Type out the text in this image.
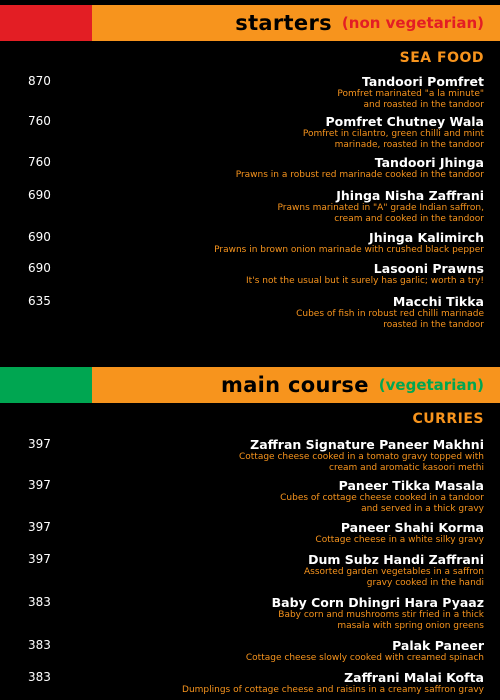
starters (non vegetarian)
SEA FOOD
870	Tandoori Pomfret
Pomfret marinated "a la minute"
and roasted in the tandoor
760	Pomfret Chutney Wala
Pomfret in cilantro, green chilli and mint
marinade, roasted in the tandoor
760	Tandoori Jhinga
Prawns in a robust red marinade cooked in the tandoor
690	Jhinga Nisha Zaffrani
Prawns marinated in "A" grade Indian saffron,
cream and cooked in the tandoor
690	Jhinga Kalimirch
Prawns in brown onion marinade with crushed black pepper
690	Lasooni Prawns
It's not the usual but it surely has garlic; worth a try!
635	Macchi Tikka
Cubes of fish in robust red chilli marinade
roasted in the tandoor
main course (vegetarian)
CURRIES
397	Zaffran Signature Paneer Makhni
Cottage cheese cooked in a tomato gravy topped with
cream and aromatic kasoori methi
397	Paneer Tikka Masala
Cubes of cottage cheese cooked in a tandoor
and served in a thick gravy
397	Paneer Shahi Korma
Cottage cheese in a white silky gravy
397	Dum Subz Handi Zaffrani
Assorted garden vegetables in a saffron
gravy cooked in the handi
383	Baby Corn Dhingri Hara Pyaaz
Baby corn and mushrooms stir fried in a thick
masala with spring onion greens
383	Palak Paneer
Cottage cheese slowly cooked with creamed spinach
383	Zaffrani Malai Kofta
Dumplings of cottage cheese and raisins in a creamy saffron gravy
